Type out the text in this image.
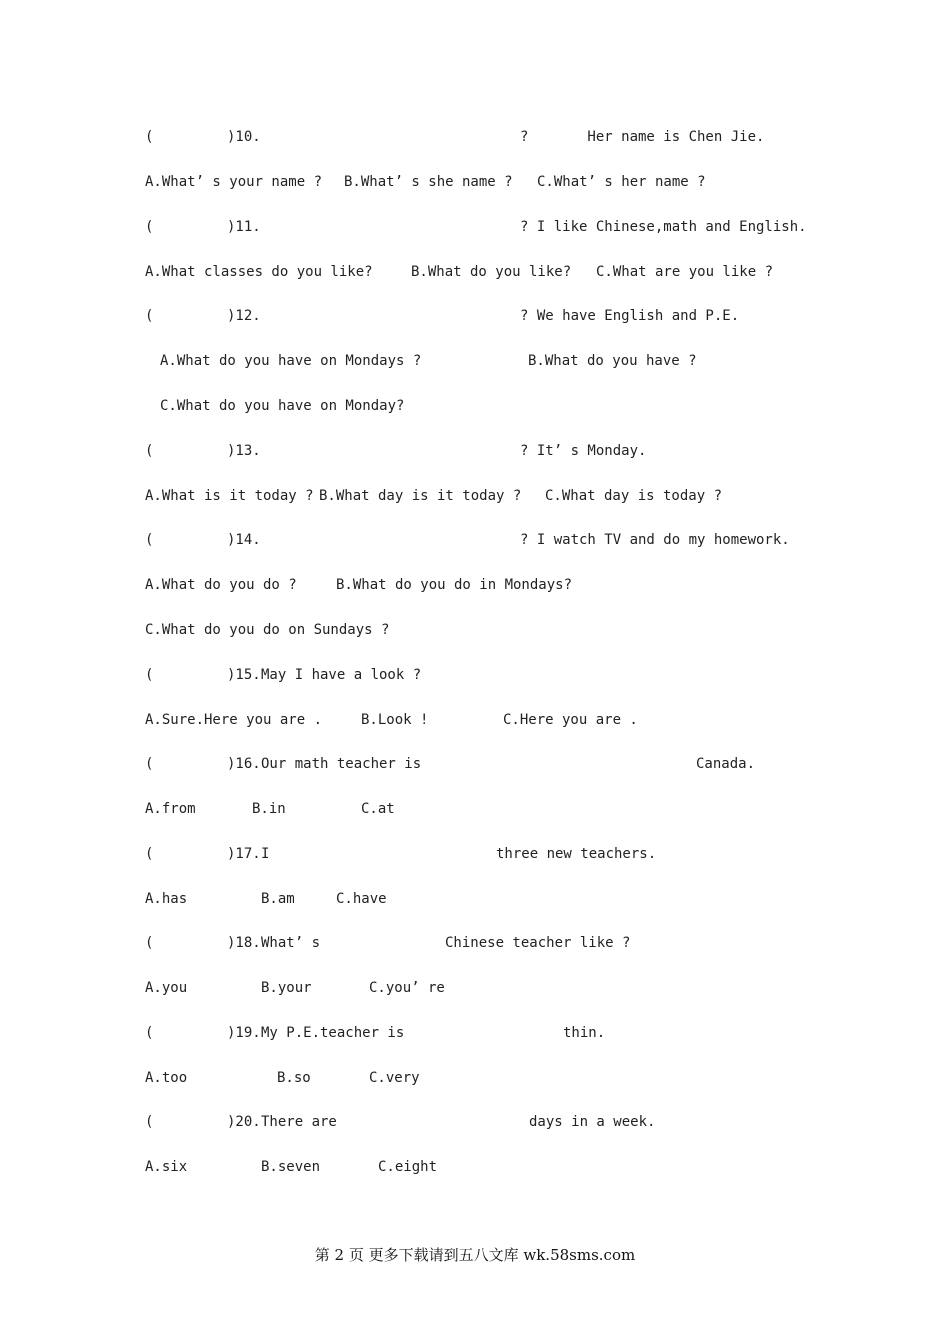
(

	)10.

	?       Her name is Chen Jie.

A.What’ s your name ?

B.What’ s she name ?

C.What’ s her name ?

(

	)11.

	? I like Chinese,math and English.

A.What classes do you like?

	B.What do you like?

C.What are you like ?

(

	)12.

	? We have English and P.E.

A.What do you have on Mondays ?

	B.What do you have ?

C.What do you have on Monday?

(

	)13.

	? It’ s Monday.

A.What is it today ?

B.What day is it today ?

C.What day is today ?

(

	)14.

	? I watch TV and do my homework.

A.What do you do ?

	B.What do you do in Mondays?

C.What do you do on Sundays ?

(

	)15.

May I have a look ?

A.Sure.Here you are .

	B.Look !

	C.Here you are .

(

	)16.

Our math teacher is

	Canada.

A.from

	B.in

	C.at

(

	)17.

I

	three new teachers.

A.has

	B.am

	C.have

(

	)18.

What’ s

	Chinese teacher like ?

A.you

	B.your

	C.you’ re

(

	)19.

My P.E.teacher is

	thin.

A.too

	B.so

	C.very

(

	)20.

There are

	days in a week.

A.six

	B.seven

	C.eight

第 2 页 更多下载请到五八文库 wk.58sms.com
